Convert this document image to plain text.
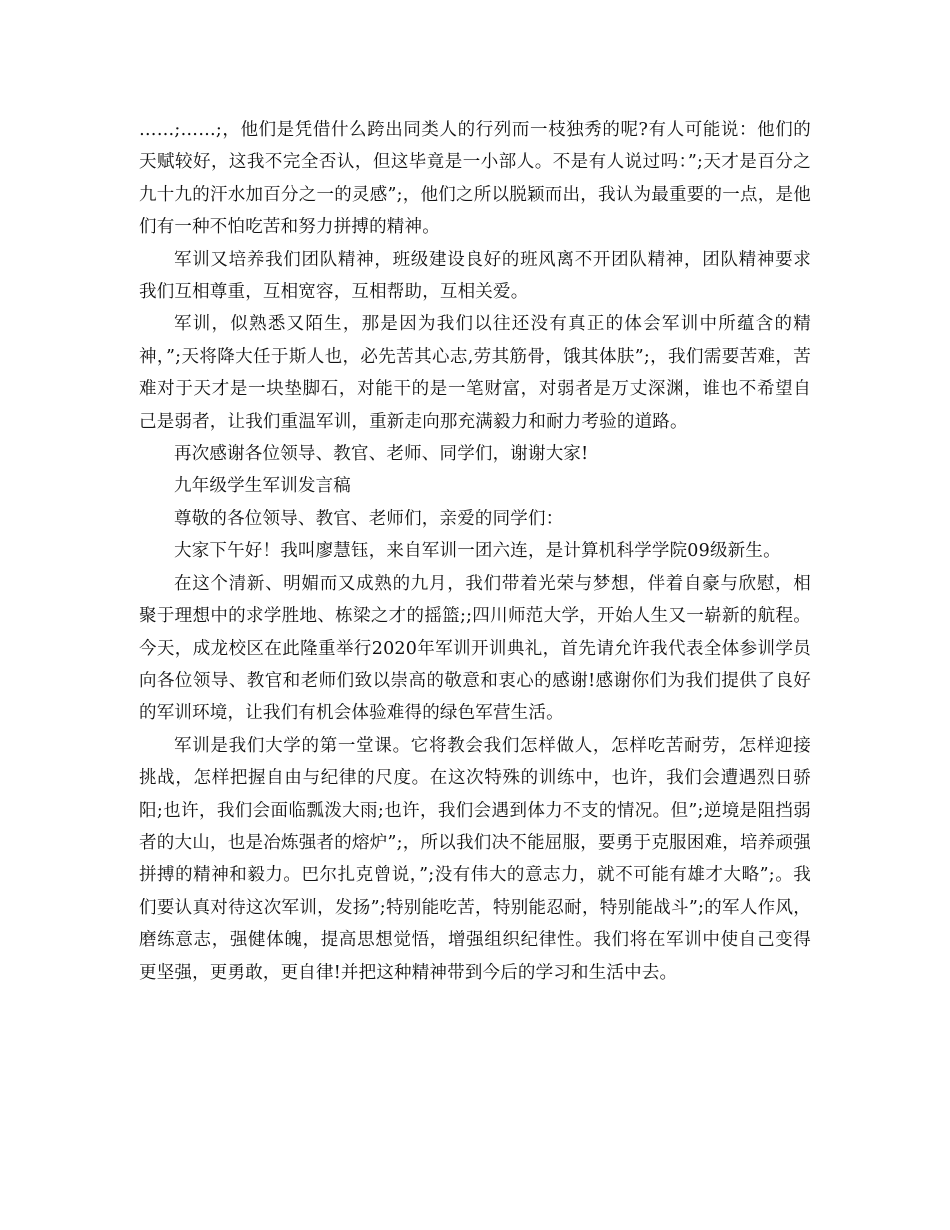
……;……;，他们是凭借什么跨出同类人的行列而一枝独秀的呢?有人可能说：他们的天赋较好，这我不完全否认，但这毕竟是一小部人。不是有人说过吗：”;天才是百分之九十九的汗水加百分之一的灵感”;，他们之所以脱颖而出，我认为最重要的一点，是他们有一种不怕吃苦和努力拼搏的精神。

军训又培养我们团队精神，班级建设良好的班风离不开团队精神，团队精神要求我们互相尊重，互相宽容，互相帮助，互相关爱。

军训，似熟悉又陌生，那是因为我们以往还没有真正的体会军训中所蕴含的精神，”;天将降大任于斯人也，必先苦其心志,劳其筋骨，饿其体肤”;，我们需要苦难，苦难对于天才是一块垫脚石，对能干的是一笔财富，对弱者是万丈深渊，谁也不希望自己是弱者，让我们重温军训，重新走向那充满毅力和耐力考验的道路。

再次感谢各位领导、教官、老师、同学们，谢谢大家!

九年级学生军训发言稿

尊敬的各位领导、教官、老师们，亲爱的同学们：

大家下午好！我叫廖慧钰，来自军训一团六连，是计算机科学学院09级新生。

在这个清新、明媚而又成熟的九月，我们带着光荣与梦想，伴着自豪与欣慰，相聚于理想中的求学胜地、栋梁之才的摇篮;;四川师范大学，开始人生又一崭新的航程。今天，成龙校区在此隆重举行2020年军训开训典礼，首先请允许我代表全体参训学员向各位领导、教官和老师们致以崇高的敬意和衷心的感谢!感谢你们为我们提供了良好的军训环境，让我们有机会体验难得的绿色军营生活。

军训是我们大学的第一堂课。它将教会我们怎样做人，怎样吃苦耐劳，怎样迎接挑战，怎样把握自由与纪律的尺度。在这次特殊的训练中，也许，我们会遭遇烈日骄阳;也许，我们会面临瓢泼大雨;也许，我们会遇到体力不支的情况。但”;逆境是阻挡弱者的大山，也是冶炼强者的熔炉”;，所以我们决不能屈服，要勇于克服困难，培养顽强拼搏的精神和毅力。巴尔扎克曾说，”;没有伟大的意志力，就不可能有雄才大略”;。我们要认真对待这次军训，发扬”;特别能吃苦，特别能忍耐，特别能战斗”;的军人作风，磨练意志，强健体魄，提高思想觉悟，增强组织纪律性。我们将在军训中使自己变得更坚强，更勇敢，更自律!并把这种精神带到今后的学习和生活中去。
